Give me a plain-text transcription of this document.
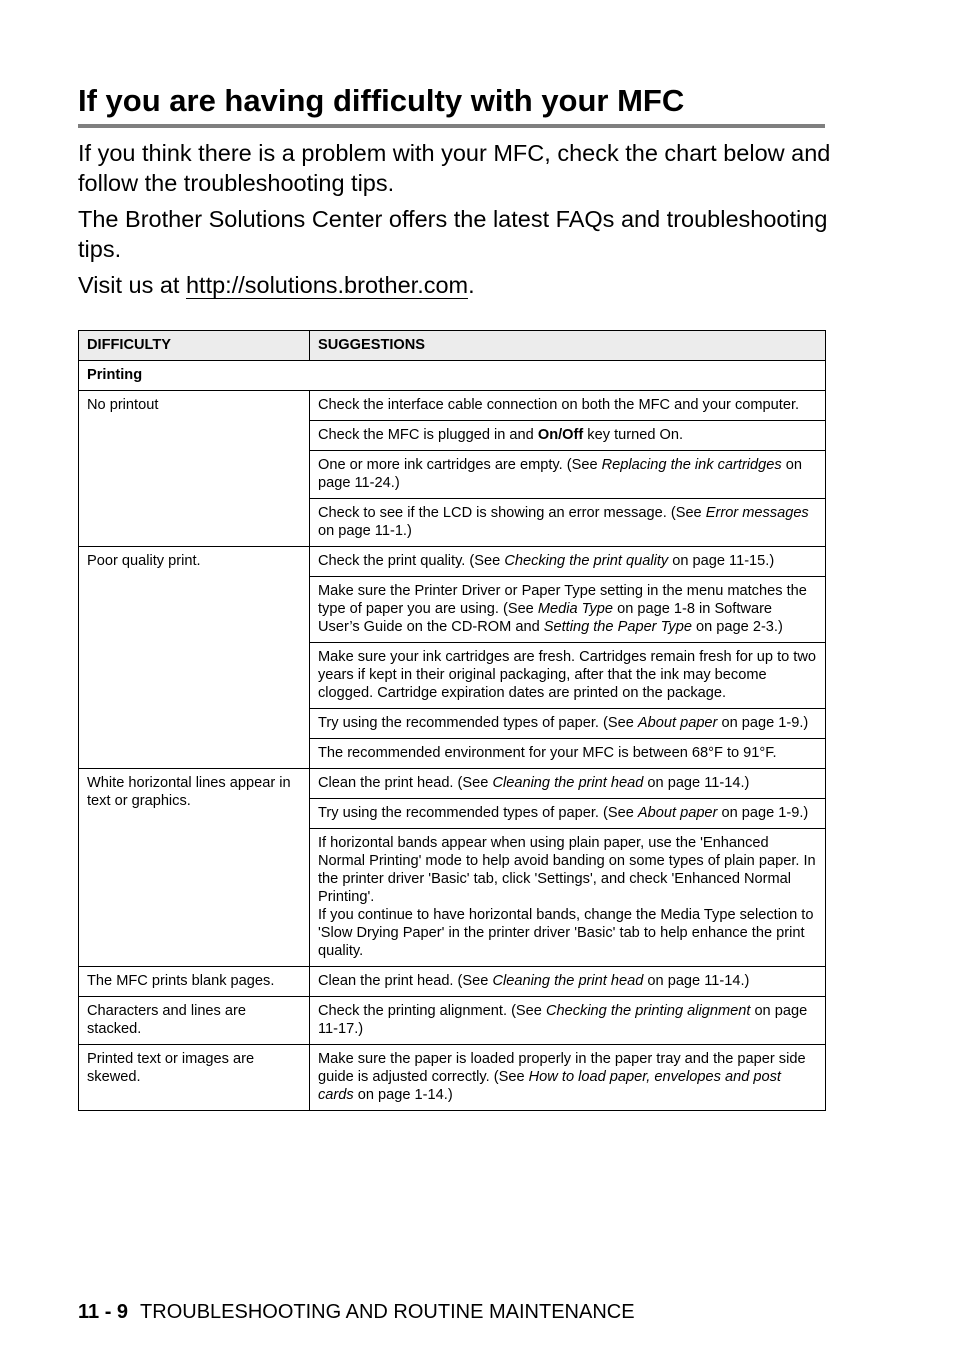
If you are having difficulty with your MFC

If you think there is a problem with your MFC, check the chart below and follow the troubleshooting tips.

The Brother Solutions Center offers the latest FAQs and troubleshooting tips.

Visit us at http://solutions.brother.com.

DIFFICULTY	SUGGESTIONS
Printing	
No printout	Check the interface cable connection on both the MFC and your computer.
	Check the MFC is plugged in and On/Off key turned On.
	One or more ink cartridges are empty. (See Replacing the ink cartridges on page 11-24.)
	Check to see if the LCD is showing an error message. (See Error messages on page 11-1.)
Poor quality print.	Check the print quality. (See Checking the print quality on page 11-15.)
	Make sure the Printer Driver or Paper Type setting in the menu matches the type of paper you are using. (See Media Type on page 1-8 in Software User’s Guide on the CD-ROM and Setting the Paper Type on page 2-3.)
	Make sure your ink cartridges are fresh. Cartridges remain fresh for up to two years if kept in their original packaging, after that the ink may become clogged. Cartridge expiration dates are printed on the package.
	Try using the recommended types of paper. (See About paper on page 1-9.)
	The recommended environment for your MFC is between 68°F to 91°F.
White horizontal lines appear in text or graphics.	Clean the print head. (See Cleaning the print head on page 11-14.)
	Try using the recommended types of paper. (See About paper on page 1-9.)
	If horizontal bands appear when using plain paper, use the 'Enhanced Normal Printing' mode to help avoid banding on some types of plain paper. In the printer driver 'Basic' tab, click 'Settings', and check 'Enhanced Normal Printing'.
If you continue to have horizontal bands, change the Media Type selection to 'Slow Drying Paper' in the printer driver 'Basic' tab to help enhance the print quality.
The MFC prints blank pages.	Clean the print head. (See Cleaning the print head on page 11-14.)
Characters and lines are stacked.	Check the printing alignment. (See Checking the printing alignment on page 11-17.)
Printed text or images are skewed.	Make sure the paper is loaded properly in the paper tray and the paper side guide is adjusted correctly. (See How to load paper, envelopes and post cards on page 1-14.)
11 - 9 TROUBLESHOOTING AND ROUTINE MAINTENANCE
